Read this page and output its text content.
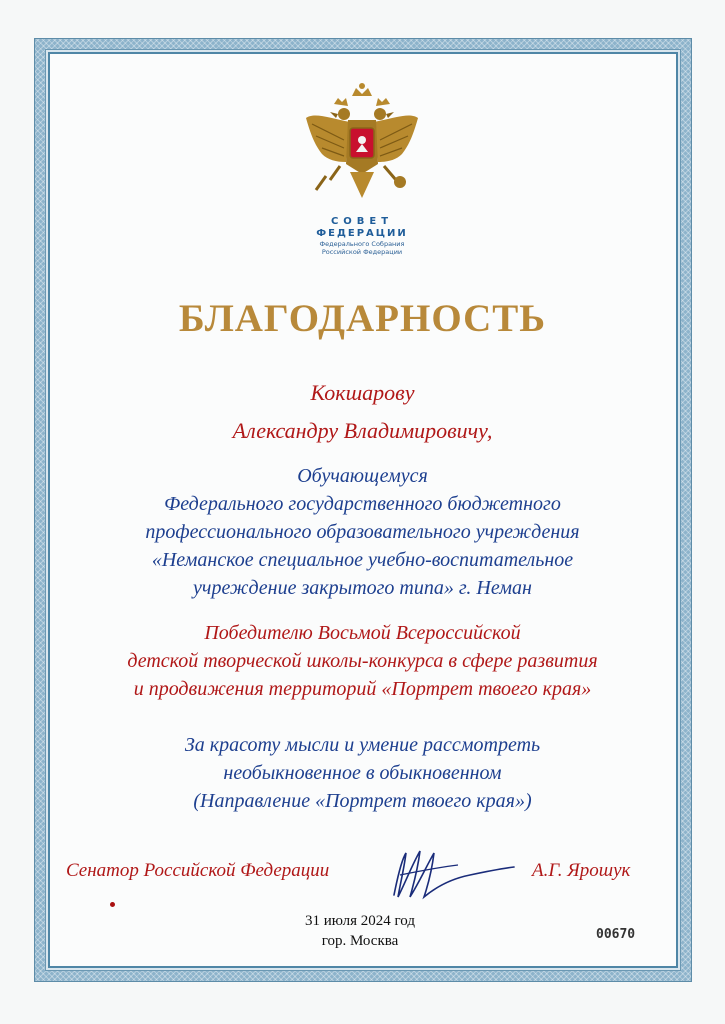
СОВЕТ
ФЕДЕРАЦИИ
Федерального Собрания
Российской Федерации
БЛАГОДАРНОСТЬ
Кокшарову
Александру Владимировичу,
Обучающемуся
Федерального государственного бюджетного
профессионального образовательного учреждения
«Неманское специальное учебно-воспитательное
учреждение закрытого типа» г. Неман
Победителю Восьмой Всероссийской
детской творческой школы-конкурса в сфере развития
и продвижения территорий «Портрет твоего края»
За красоту мысли и умение рассмотреть
необыкновенное в обыкновенном
(Направление «Портрет твоего края»)
Сенатор Российской Федерации	А.Г. Ярошук
31 июля 2024 год
гор. Москва	00670
